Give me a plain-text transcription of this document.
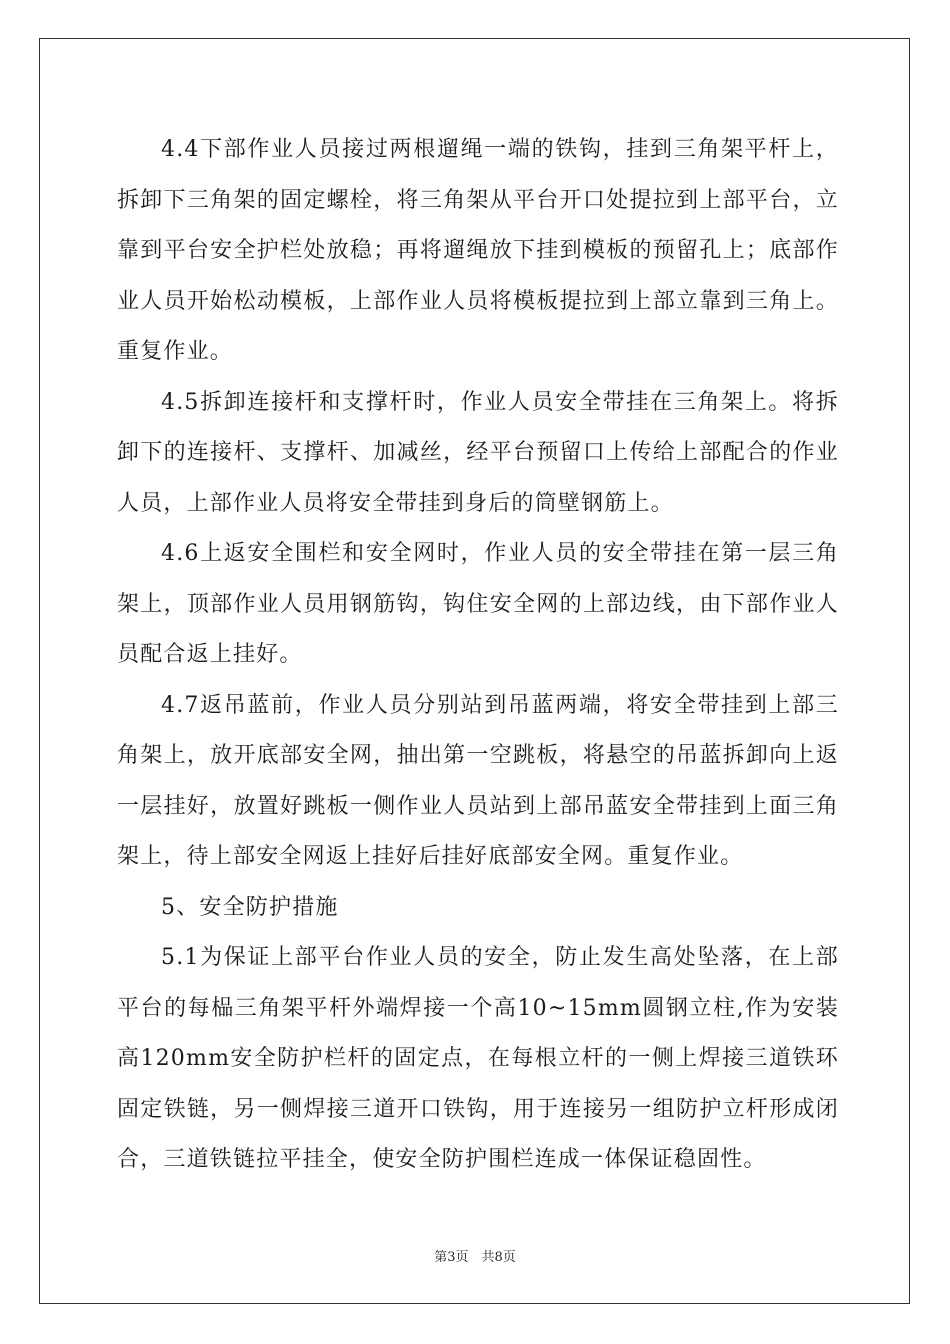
4.4下部作业人员接过两根遛绳一端的铁钩，挂到三角架平杆上，拆卸下三角架的固定螺栓，将三角架从平台开口处提拉到上部平台，立靠到平台安全护栏处放稳；再将遛绳放下挂到模板的预留孔上；底部作业人员开始松动模板，上部作业人员将模板提拉到上部立靠到三角上。重复作业。

4.5拆卸连接杆和支撑杆时，作业人员安全带挂在三角架上。将拆卸下的连接杆、支撑杆、加减丝，经平台预留口上传给上部配合的作业人员，上部作业人员将安全带挂到身后的筒壁钢筋上。

4.6上返安全围栏和安全网时，作业人员的安全带挂在第一层三角架上，顶部作业人员用钢筋钩，钩住安全网的上部边线，由下部作业人员配合返上挂好。

4.7返吊蓝前，作业人员分别站到吊蓝两端，将安全带挂到上部三角架上，放开底部安全网，抽出第一空跳板，将悬空的吊蓝拆卸向上返一层挂好，放置好跳板一侧作业人员站到上部吊蓝安全带挂到上面三角架上，待上部安全网返上挂好后挂好底部安全网。重复作业。

5、安全防护措施

5.1为保证上部平台作业人员的安全，防止发生高处坠落，在上部平台的每榀三角架平杆外端焊接一个高10~15mm圆钢立柱,作为安装高120mm安全防护栏杆的固定点，在每根立杆的一侧上焊接三道铁环固定铁链，另一侧焊接三道开口铁钩，用于连接另一组防护立杆形成闭合，三道铁链拉平挂全，使安全防护围栏连成一体保证稳固性。

第3页　共8页
